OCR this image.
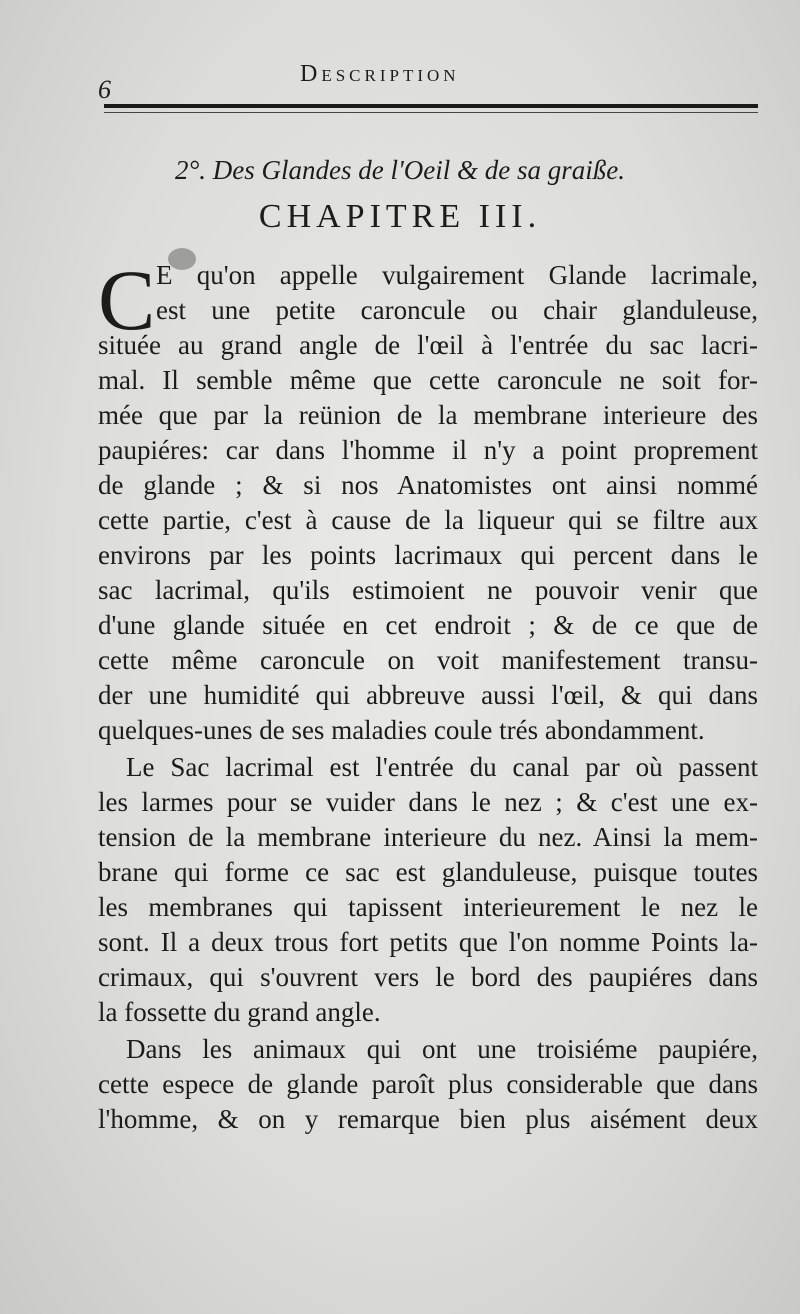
6
Description
2°. Des Glandes de l'Oeil & de sa graiße.
CHAPITRE III.
C E qu'on appelle vulgairement Glande lacrimale,
est une petite caroncule ou chair glanduleuse,
située au grand angle de l'œil à l'entrée du sac lacri-
mal. Il semble même que cette caroncule ne soit for-
mée que par la reünion de la membrane interieure des
paupiéres: car dans l'homme il n'y a point proprement
de glande ; & si nos Anatomistes ont ainsi nommé
cette partie, c'est à cause de la liqueur qui se filtre aux
environs par les points lacrimaux qui percent dans le
sac lacrimal, qu'ils estimoient ne pouvoir venir que
d'une glande située en cet endroit ; & de ce que de
cette même caroncule on voit manifestement transu-
der une humidité qui abbreuve aussi l'œil, & qui dans
quelques-unes de ses maladies coule trés abondamment.
Le Sac lacrimal est l'entrée du canal par où passent
les larmes pour se vuider dans le nez ; & c'est une ex-
tension de la membrane interieure du nez. Ainsi la mem-
brane qui forme ce sac est glanduleuse, puisque toutes
les membranes qui tapissent interieurement le nez le
sont. Il a deux trous fort petits que l'on nomme Points la-
crimaux, qui s'ouvrent vers le bord des paupiéres dans
la fossette du grand angle.
Dans les animaux qui ont une troisiéme paupiére,
cette espece de glande paroît plus considerable que dans
l'homme, & on y remarque bien plus aisément deux
